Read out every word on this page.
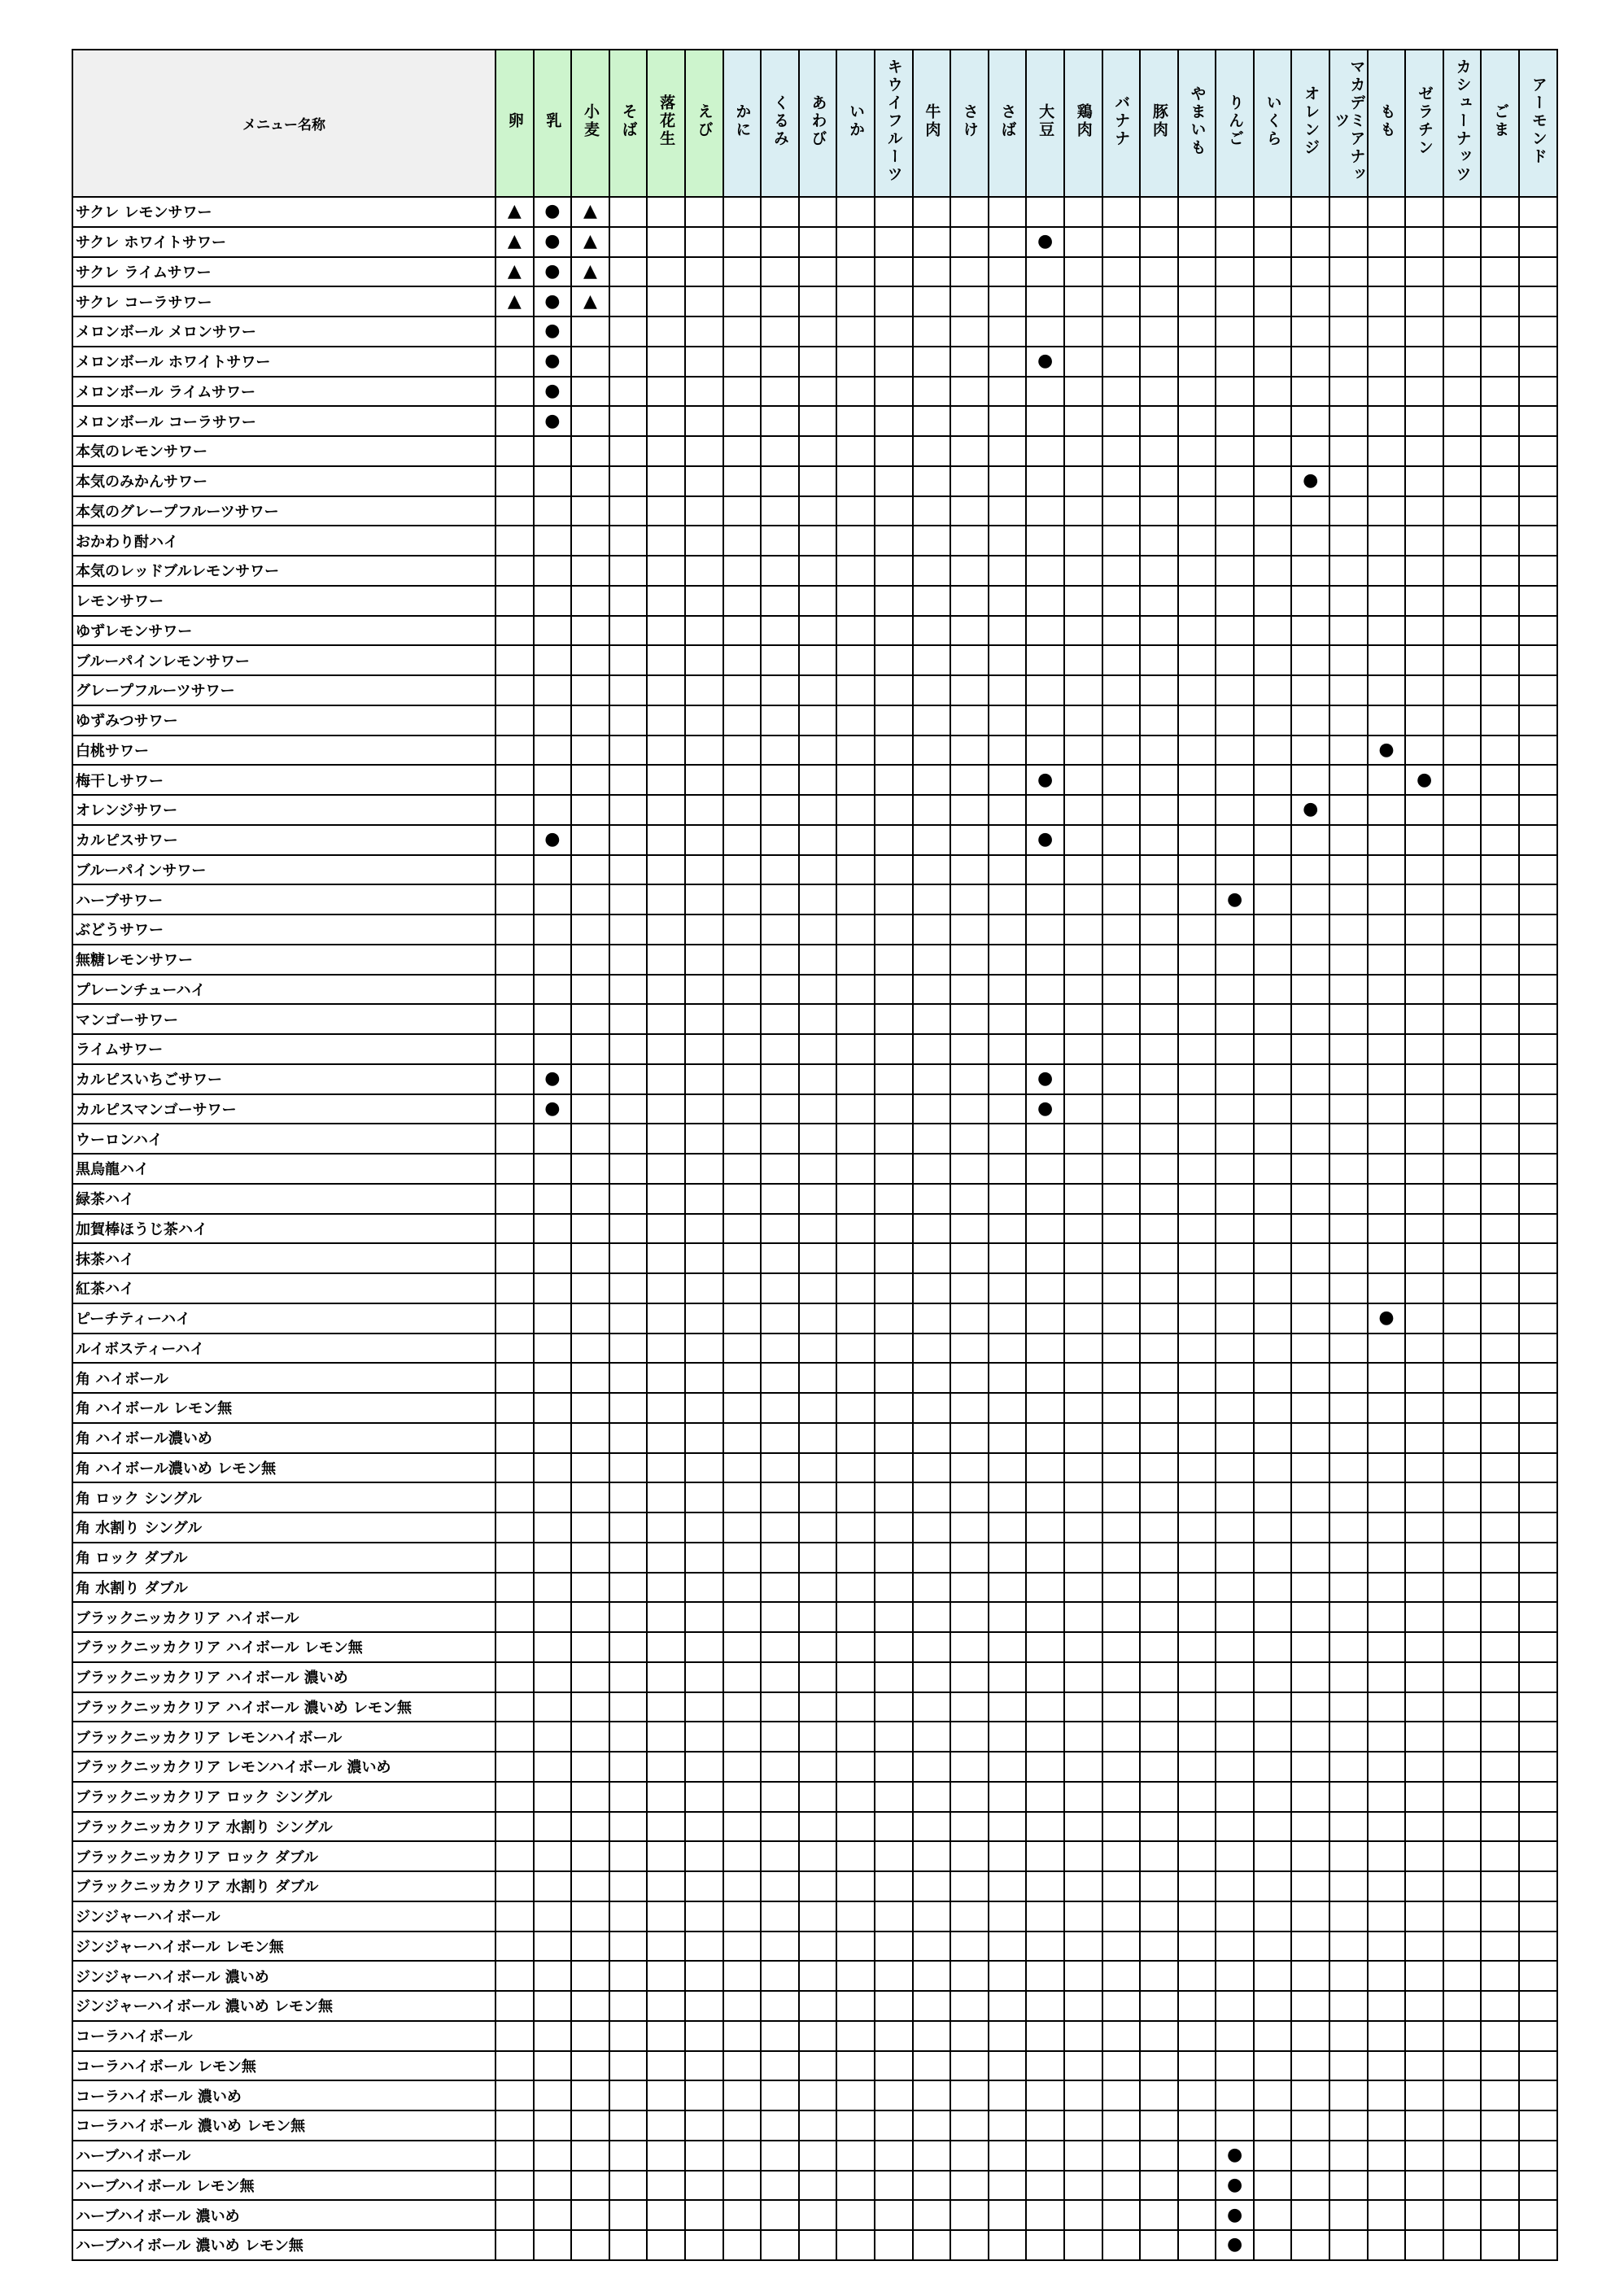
メニュー名称	卵	乳	小麦	そば	落花生	えび	かに	くるみ	あわび	いか	キウイフルーツ	牛肉	さけ	さば	大豆	鶏肉	バナナ	豚肉	やまいも	りんご	いくら	オレンジ	マカデミアナッツ	もも	ゼラチン	カシューナッツ	ごま	アーモンド
サクレ レモンサワー	▲	●	▲																									
サクレ ホワイトサワー	▲	●	▲												●													
サクレ ライムサワー	▲	●	▲																									
サクレ コーラサワー	▲	●	▲																									
メロンボール メロンサワー		●																										
メロンボール ホワイトサワー		●													●													
メロンボール ライムサワー		●																										
メロンボール コーラサワー		●																										
本気のレモンサワー																												
本気のみかんサワー																						●						
本気のグレープフルーツサワー																												
おかわり酎ハイ																												
本気のレッドブルレモンサワー																												
レモンサワー																												
ゆずレモンサワー																												
ブルーパインレモンサワー																												
グレープフルーツサワー																												
ゆずみつサワー																												
白桃サワー																								●				
梅干しサワー															●										●			
オレンジサワー																						●						
カルピスサワー		●													●													
ブルーパインサワー																												
ハーブサワー																				●								
ぶどうサワー																												
無糖レモンサワー																												
プレーンチューハイ																												
マンゴーサワー																												
ライムサワー																												
カルピスいちごサワー		●													●													
カルピスマンゴーサワー		●													●													
ウーロンハイ																												
黒烏龍ハイ																												
緑茶ハイ																												
加賀棒ほうじ茶ハイ																												
抹茶ハイ																												
紅茶ハイ																												
ピーチティーハイ																								●				
ルイボスティーハイ																												
角 ハイボール																												
角 ハイボール レモン無																												
角 ハイボール濃いめ																												
角 ハイボール濃いめ レモン無																												
角 ロック シングル																												
角 水割り シングル																												
角 ロック ダブル																												
角 水割り ダブル																												
ブラックニッカクリア ハイボール																												
ブラックニッカクリア ハイボール レモン無																												
ブラックニッカクリア ハイボール 濃いめ																												
ブラックニッカクリア ハイボール 濃いめ レモン無																												
ブラックニッカクリア レモンハイボール																												
ブラックニッカクリア レモンハイボール 濃いめ																												
ブラックニッカクリア ロック シングル																												
ブラックニッカクリア 水割り シングル																												
ブラックニッカクリア ロック ダブル																												
ブラックニッカクリア 水割り ダブル																												
ジンジャーハイボール																												
ジンジャーハイボール レモン無																												
ジンジャーハイボール 濃いめ																												
ジンジャーハイボール 濃いめ レモン無																												
コーラハイボール																												
コーラハイボール レモン無																												
コーラハイボール 濃いめ																												
コーラハイボール 濃いめ レモン無																												
ハーブハイボール																				●								
ハーブハイボール レモン無																				●								
ハーブハイボール 濃いめ																				●								
ハーブハイボール 濃いめ レモン無																				●								
